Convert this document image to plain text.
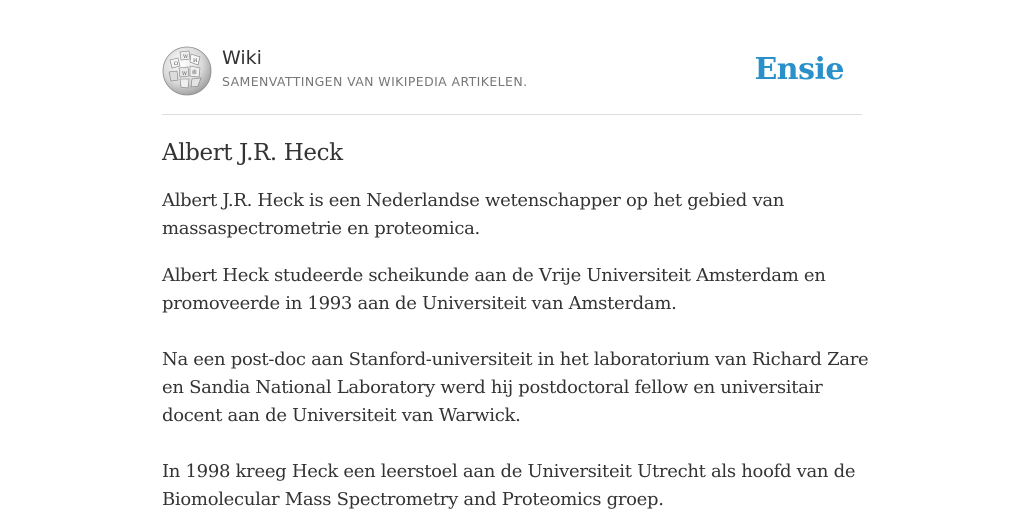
Ω
W
И
W 維
Wiki
SAMENVATTINGEN VAN WIKIPEDIA ARTIKELEN.	Ensie
Albert J.R. Heck

Albert J.R. Heck is een Nederlandse wetenschapper op het gebied van
massaspectrometrie en proteomica.

Albert Heck studeerde scheikunde aan de Vrije Universiteit Amsterdam en
promoveerde in 1993 aan de Universiteit van Amsterdam.

Na een post-doc aan Stanford-universiteit in het laboratorium van Richard Zare
en Sandia National Laboratory werd hij postdoctoral fellow en universitair
docent aan de Universiteit van Warwick.

In 1998 kreeg Heck een leerstoel aan de Universiteit Utrecht als hoofd van de
Biomolecular Mass Spectrometry and Proteomics groep.
